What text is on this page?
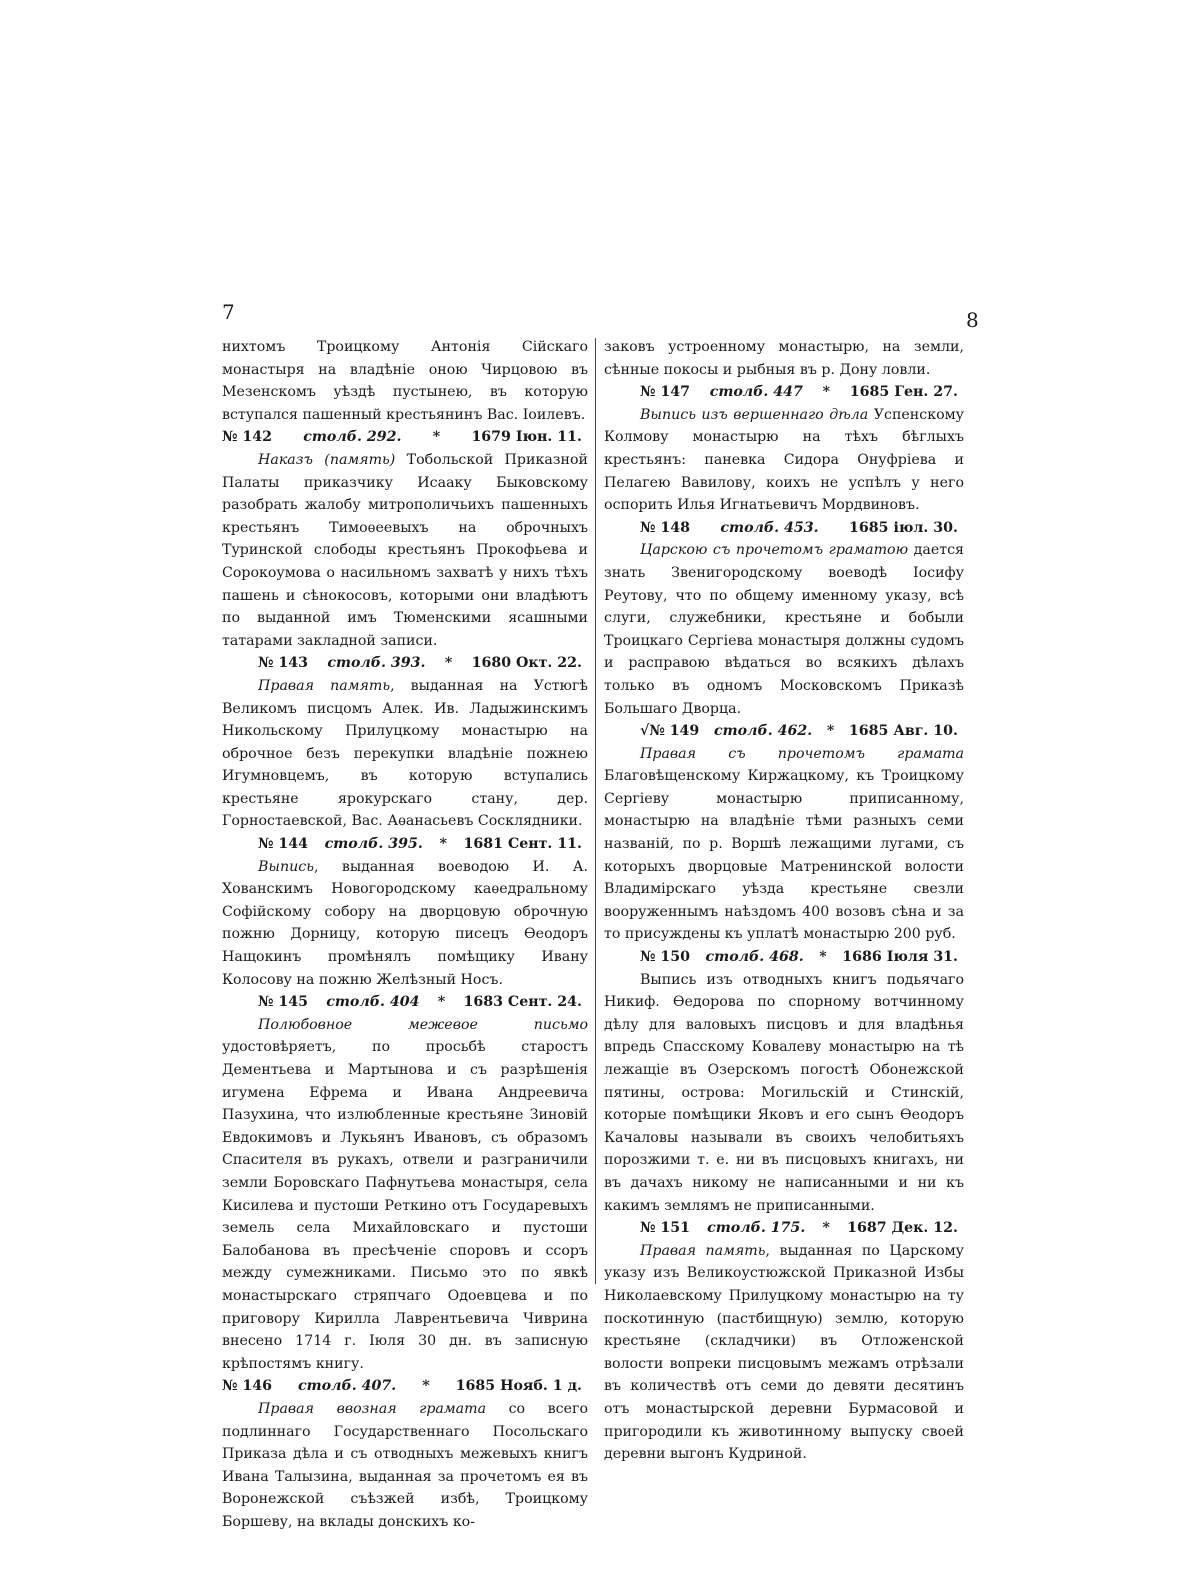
7	8

нихтомъ Троицкому Антонія Сійскаго монастыря на владѣніе оною Чирцовою въ Мезенскомъ уѣздѣ пустынею, въ которую вступался пашенный крестьянинъ Вас. Іоилевъ.

№ 142 столб. 292. * 1679 Іюн. 11.

Наказъ (память) Тобольской Приказной Палаты приказчику Исааку Быковскому разобрать жалобу митрополичьихъ пашенныхъ крестьянъ Тимоѳеевыхъ на оброчныхъ Туринской слободы крестьянъ Прокофьева и Сорокоумова о насильномъ захватѣ у нихъ тѣхъ пашень и сѣнокосовъ, которыми они владѣютъ по выданной имъ Тюменскими ясашными татарами закладной записи.

№ 143 столб. 393. * 1680 Окт. 22.

Правая память, выданная на Устюгѣ Великомъ писцомъ Алек. Ив. Ладыжинскимъ Никольскому Прилуцкому монастырю на оброчное безъ перекупки владѣніе пожнею Игумновцемъ, въ которую вступались крестьяне ярокурскаго стану, дер. Горностаевской, Вас. Аѳанасьевъ Сосклядники.

№ 144 столб. 395. * 1681 Сент. 11.

Выпись, выданная воеводою И. А. Хованскимъ Новогородскому каѳедральному Софійскому собору на дворцовую оброчную пожню Дорницу, которую писецъ Ѳеодоръ Нащокинъ промѣнялъ помѣщику Ивану Колосову на пожню Желѣзный Носъ.

№ 145 столб. 404 * 1683 Сент. 24.

Полюбовное межевое письмо удостовѣряетъ, по просьбѣ старостъ Дементьева и Мартынова и съ разрѣшенія игумена Ефрема и Ивана Андреевича Пазухина, что излюбленные крестьяне Зиновій Евдокимовъ и Лукьянъ Ивановъ, съ образомъ Спасителя въ рукахъ, отвели и разграничили земли Боровскаго Пафнутьева монастыря, села Кисилева и пустоши Реткино отъ Государевыхъ земель села Михайловскаго и пустоши Балобанова въ пресѣченіе споровъ и ссоръ между сумежниками. Письмо это по явкѣ монастырскаго стряпчаго Одоевцева и по приговору Кирилла Лаврентьевича Чиврина внесено 1714 г. Іюля 30 дн. въ записную крѣпостямъ книгу.

№ 146 столб. 407. * 1685 Нояб. 1 д.

Правая ввозная грамата со всего подлиннаго Государственнаго Посольскаго Приказа дѣла и съ отводныхъ межевыхъ книгъ Ивана Талызина, выданная за прочетомъ ея въ Воронежской съѣзжей избѣ, Троицкому Боршеву, на вклады донскихъ ко-

заковъ устроенному монастырю, на земли, сѣнные покосы и рыбныя въ р. Дону ловли.

№ 147 столб. 447 * 1685 Ген. 27.

Выпись изъ вершеннаго дѣла Успенскому Колмову монастырю на тѣхъ бѣглыхъ крестьянъ: паневка Сидора Онуфріева и Пелагею Вавилову, коихъ не успѣлъ у него оспорить Илья Игнатьевичъ Мордвиновъ.

№ 148 столб. 453. 1685 іюл. 30.

Царскою съ прочетомъ граматою дается знать Звенигородскому воеводѣ Іосифу Реутову, что по общему именному указу, всѣ слуги, служебники, крестьяне и бобыли Троицкаго Сергіева монастыря должны судомъ и расправою вѣдаться во всякихъ дѣлахъ только въ одномъ Московскомъ Приказѣ Большаго Дворца.

√№ 149 столб. 462. * 1685 Авг. 10.

Правая съ прочетомъ грамата Благовѣщенскому Киржацкому, къ Троицкому Сергіеву монастырю приписанному, монастырю на владѣніе тѣми разныхъ семи названій, по р. Воршѣ лежащими лугами, съ которыхъ дворцовые Матренинской волости Владимірскаго уѣзда крестьяне свезли вооруженнымъ наѣздомъ 400 возовъ сѣна и за то присуждены къ уплатѣ монастырю 200 руб.

№ 150 столб. 468. * 1686 Іюля 31.

Выпись изъ отводныхъ книгъ подьячаго Никиф. Ѳедорова по спорному вотчинному дѣлу для валовыхъ писцовъ и для владѣнья впредь Спасскому Ковалеву монастырю на тѣ лежащіе въ Озерскомъ погостѣ Обонежской пятины, острова: Могильскій и Стинскій, которые помѣщики Яковъ и его сынъ Ѳеодоръ Качаловы называли въ своихъ челобитьяхъ порозжими т. е. ни въ писцовыхъ книгахъ, ни въ дачахъ никому не написанными и ни къ какимъ землямъ не приписанными.

№ 151 столб. 175. * 1687 Дек. 12.

Правая память, выданная по Царскому указу изъ Великоустюжской Приказной Избы Николаевскому Прилуцкому монастырю на ту поскотинную (пастбищную) землю, которую крестьяне (складчики) въ Отложенской волости вопреки писцовымъ межамъ отрѣзали въ количествѣ отъ семи до девяти десятинъ отъ монастырской деревни Бурмасовой и пригородили къ животинному выпуску своей деревни выгонъ Кудриной.
